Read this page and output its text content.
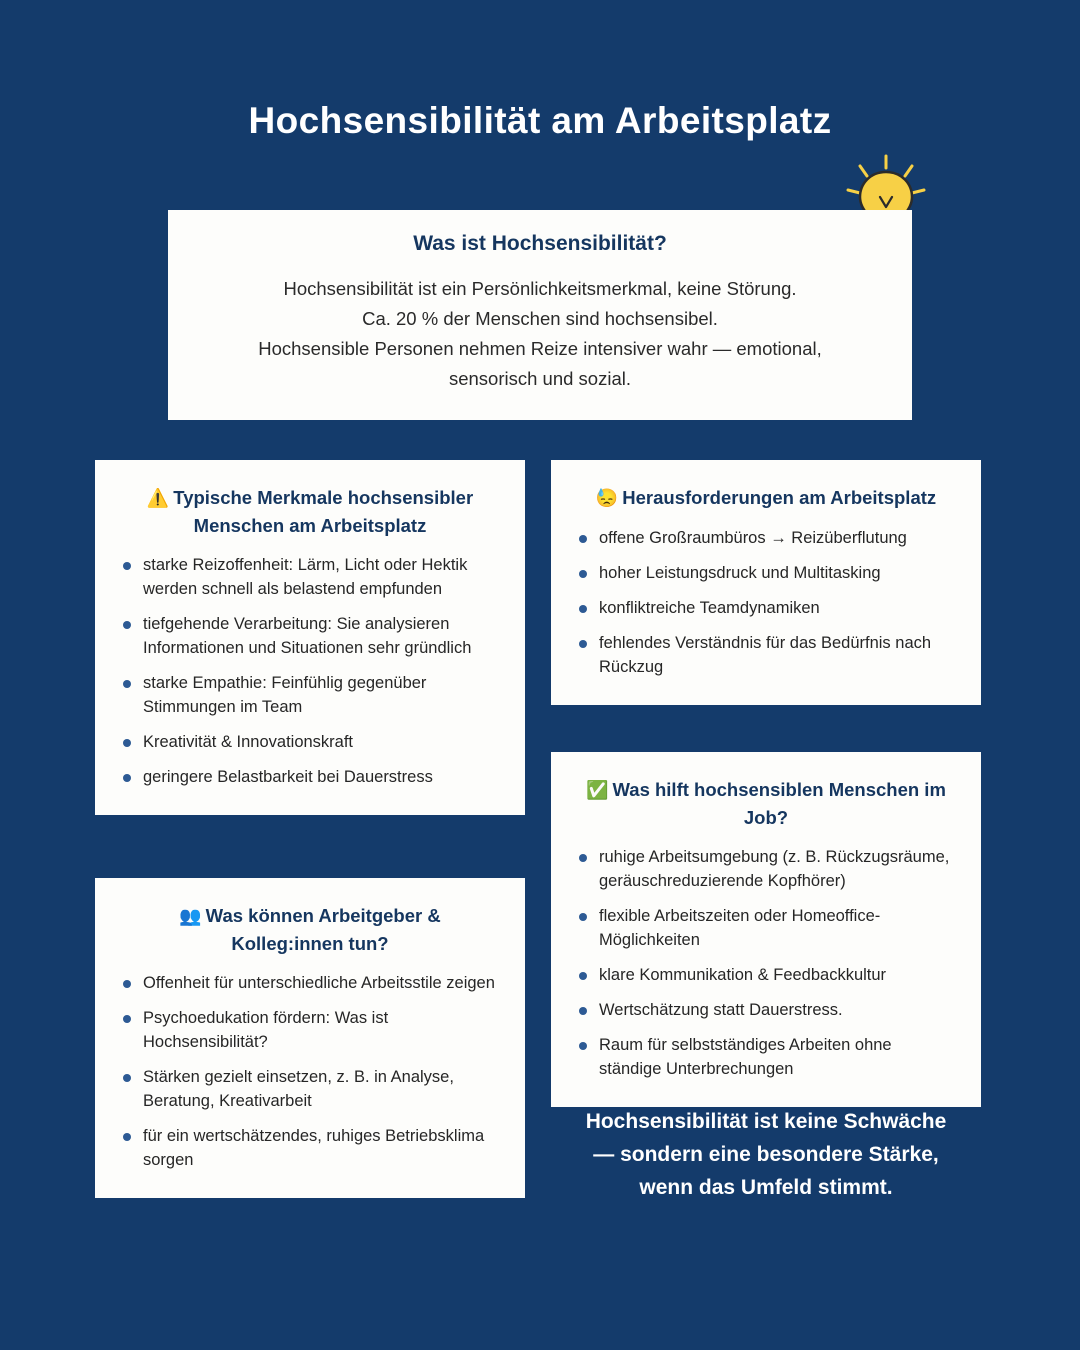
Hochsensibilität am Arbeitsplatz
Was ist Hochsensibilität?

Hochsensibilität ist ein Persönlichkeitsmerkmal, keine Störung.
Ca. 20 % der Menschen sind hochsensibel.
Hochsensible Personen nehmen Reize intensiver wahr — emotional,
sensorisch und sozial.

⚠️ Typische Merkmale hochsensibler Menschen am Arbeitsplatz
starke Reizoffenheit: Lärm, Licht oder Hektik werden schnell als belastend empfunden
tiefgehende Verarbeitung: Sie analysieren Informationen und Situationen sehr gründlich
starke Empathie: Feinfühlig gegenüber Stimmungen im Team
Kreativität & Innovationskraft
geringere Belastbarkeit bei Dauerstress
👥 Was können Arbeitgeber & Kolleg:innen tun?
Offenheit für unterschiedliche Arbeitsstile zeigen
Psychoedukation fördern: Was ist Hochsensibilität?
Stärken gezielt einsetzen, z. B. in Analyse, Beratung, Kreativarbeit
für ein wertschätzendes, ruhiges Betriebsklima sorgen
😓 Herausforderungen am Arbeitsplatz
offene Großraumbüros → Reizüberflutung
hoher Leistungsdruck und Multitasking
konfliktreiche Teamdynamiken
fehlendes Verständnis für das Bedürfnis nach Rückzug
✅ Was hilft hochsensiblen Menschen im Job?
ruhige Arbeitsumgebung (z. B. Rückzugsräume, geräuschreduzierende Kopfhörer)
flexible Arbeitszeiten oder Homeoffice-Möglichkeiten
klare Kommunikation & Feedbackkultur
Wertschätzung statt Dauerstress.
Raum für selbstständiges Arbeiten ohne ständige Unterbrechungen
Hochsensibilität ist keine Schwäche
— sondern eine besondere Stärke,
wenn das Umfeld stimmt.
